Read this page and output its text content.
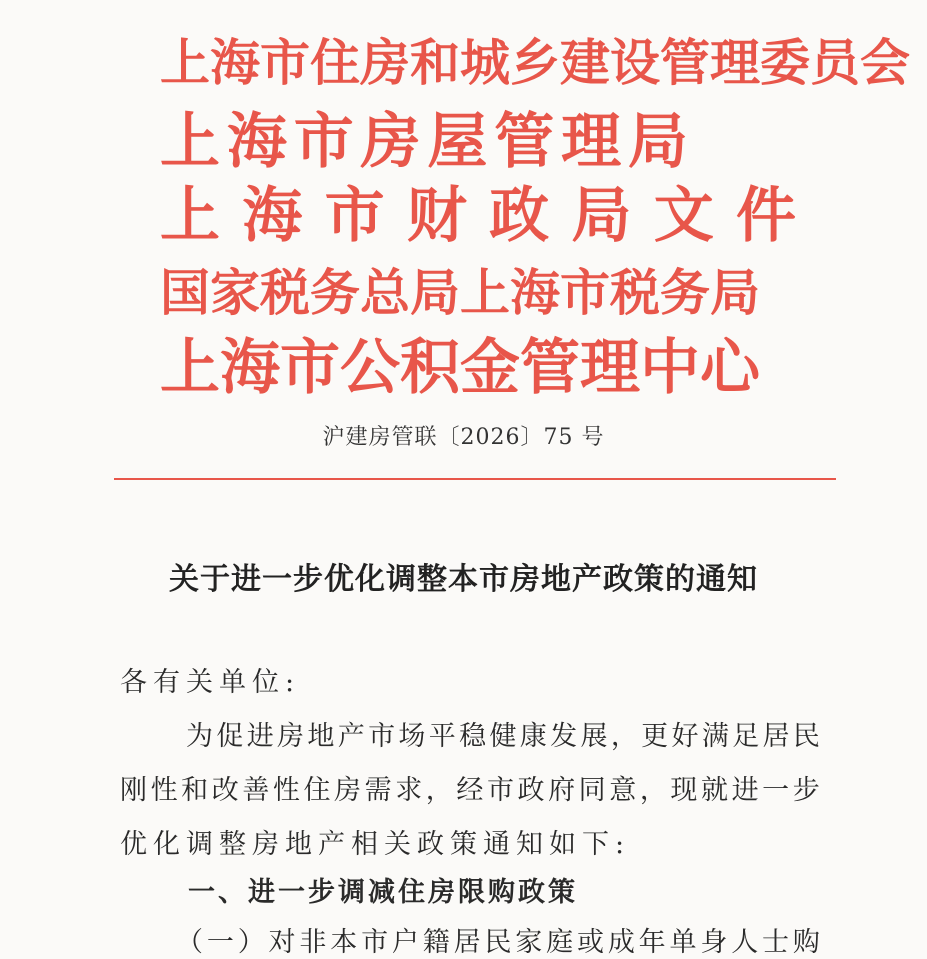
上 海 市 住 房 和 城 乡 建 设 管 理 委 员 会
上 海 市 房 屋 管 理 局
上 海 市 财 政 局 文 件
国 家 税 务 总 局 上 海 市 税 务 局
上 海 市 公 积 金 管 理 中 心
沪建房管联〔2026〕75 号
关于进一步优化调整本市房地产政策的通知
各有关单位:
为 促 进 房 地 产 市 场 平 稳 健 康 发 展 ， 更 好 满 足 居 民
刚 性 和 改 善 性 住 房 需 求 ， 经 市 政 府 同 意 ， 现 就 进 一 步
优化调整房地产相关政策通知如下:
一、进一步调减住房限购政策
（ 一 ） 对 非 本 市 户 籍 居 民 家 庭 或 成 年 单 身 人 士 购
